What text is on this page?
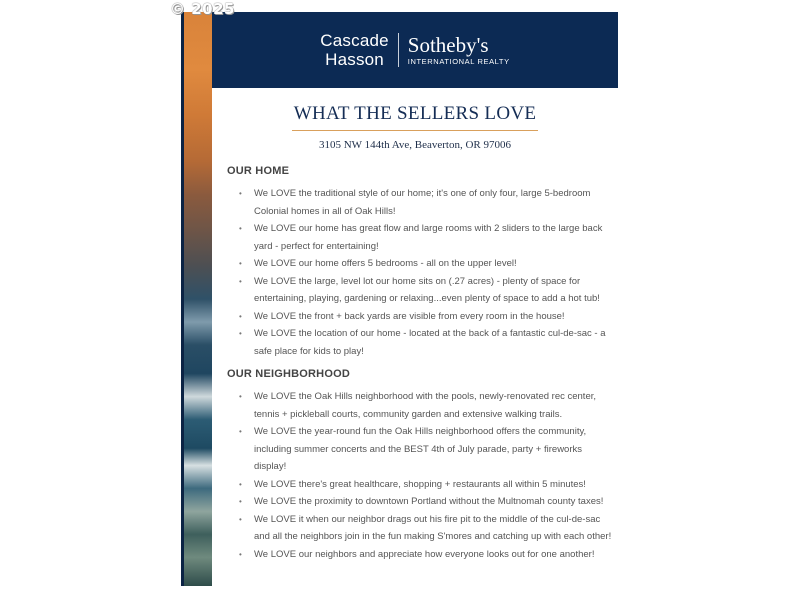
© 2025
Cascade
Hasson
Sotheby's
INTERNATIONAL REALTY
WHAT THE SELLERS LOVE
3105 NW 144th Ave, Beaverton, OR 97006
OUR HOME
• We LOVE the traditional style of our home; it's one of only four, large 5-bedroom Colonial homes in all of Oak Hills!
• We LOVE our home has great flow and large rooms with 2 sliders to the large back yard - perfect for entertaining!
• We LOVE our home offers 5 bedrooms - all on the upper level!
• We LOVE the large, level lot our home sits on (.27 acres) - plenty of space for entertaining, playing, gardening or relaxing...even plenty of space to add a hot tub!
• We LOVE the front + back yards are visible from every room in the house!
• We LOVE the location of our home - located at the back of a fantastic cul-de-sac - a safe place for kids to play!
OUR NEIGHBORHOOD
• We LOVE the Oak Hills neighborhood with the pools, newly-renovated rec center, tennis + pickleball courts, community garden and extensive walking trails.
• We LOVE the year-round fun the Oak Hills neighborhood offers the community, including summer concerts and the BEST 4th of July parade, party + fireworks display!
• We LOVE there's great healthcare, shopping + restaurants all within 5 minutes!
• We LOVE the proximity to downtown Portland without the Multnomah county taxes!
• We LOVE it when our neighbor drags out his fire pit to the middle of the cul-de-sac and all the neighbors join in the fun making S'mores and catching up with each other!
• We LOVE our neighbors and appreciate how everyone looks out for one another!
